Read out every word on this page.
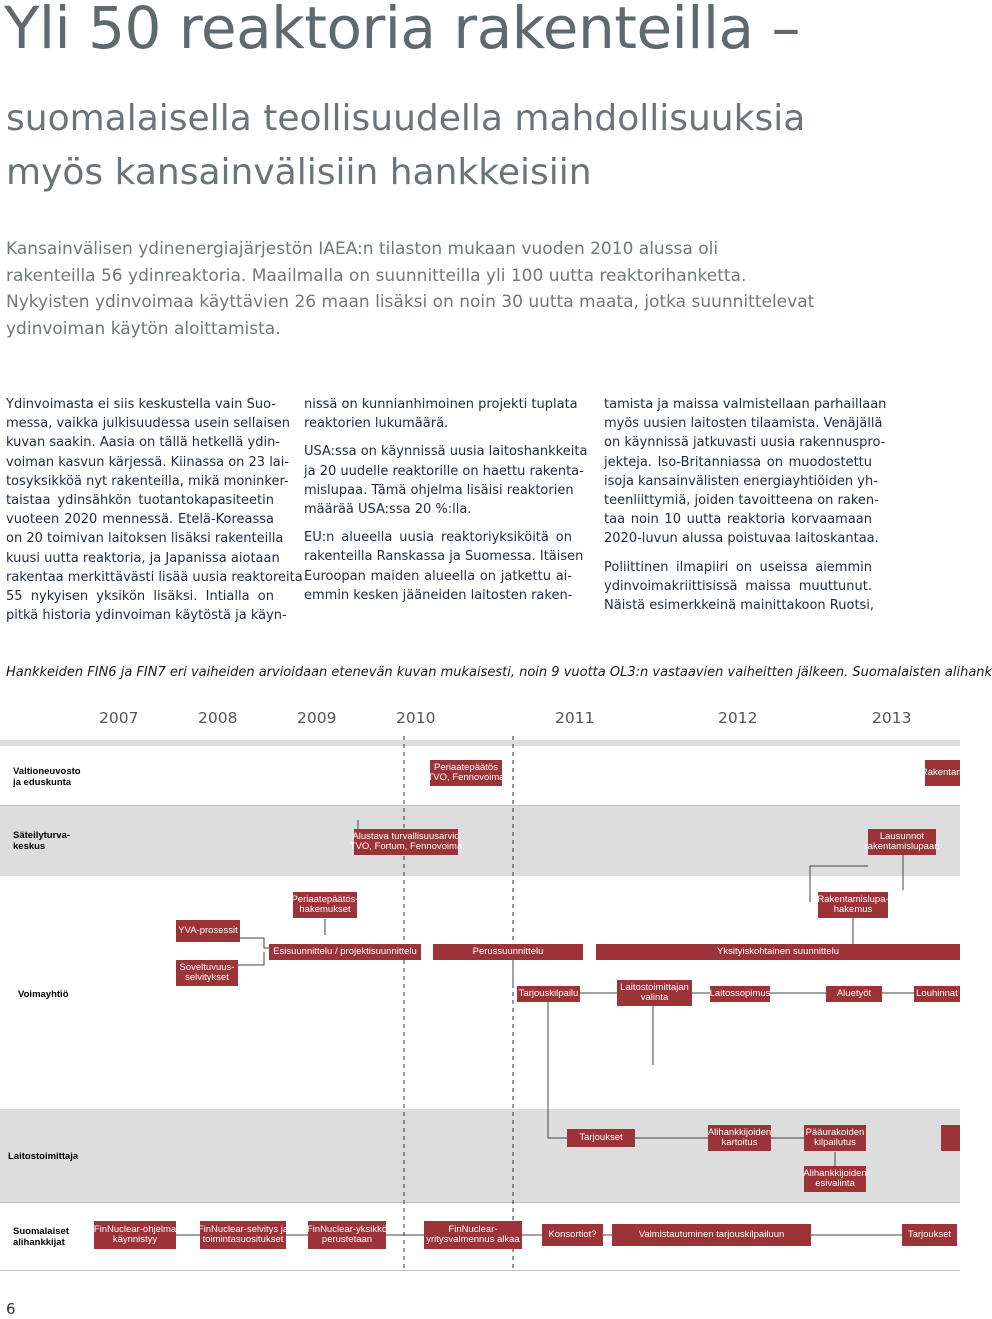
Yli 50 reaktoria rakenteilla –
suomalaisella teollisuudella mahdollisuuksia
myös kansainvälisiin hankkeisiin

Kansainvälisen ydinenergiajärjestön IAEA:n tilaston mukaan vuoden 2010 alussa oli
rakenteilla 56 ydinreaktoria. Maailmalla on suunnitteilla yli 100 uutta reaktorihanketta.
Nykyisten ydinvoimaa käyttävien 26 maan lisäksi on noin 30 uutta maata, jotka suunnittelevat
ydinvoiman käytön aloittamista.

Ydinvoimasta ei siis keskustella vain Suo-
messa, vaikka julkisuudessa usein sellaisen
kuvan saakin. Aasia on tällä hetkellä ydin-
voiman kasvun kärjessä. Kiinassa on 23 lai-
tosyksikköä nyt rakenteilla, mikä moninker-
taistaa ydinsähkön tuotantokapasiteetin
vuoteen 2020 mennessä. Etelä-Koreassa
on 20 toimivan laitoksen lisäksi rakenteilla
kuusi uutta reaktoria, ja Japanissa aiotaan
rakentaa merkittävästi lisää uusia reaktoreita
55 nykyisen yksikön lisäksi. Intialla on
pitkä historia ydinvoiman käytöstä ja käyn-

nissä on kunnianhimoinen projekti tuplata
reaktorien lukumäärä.

USA:ssa on käynnissä uusia laitoshankkeita
ja 20 uudelle reaktorille on haettu rakenta-
mislupaa. Tämä ohjelma lisäisi reaktorien
määrää USA:ssa 20 %:lla.

EU:n alueella uusia reaktoriyksiköitä on
rakenteilla Ranskassa ja Suomessa. Itäisen
Euroopan maiden alueella on jatkettu ai-
emmin kesken jääneiden laitosten raken-

tamista ja maissa valmistellaan parhaillaan
myös uusien laitosten tilaamista. Venäjällä
on käynnissä jatkuvasti uusia rakennuspro-
jekteja. Iso-Britanniassa on muodostettu
isoja kansainvälisten energiayhtiöiden yh-
teenliittymiä, joiden tavoitteena on raken-
taa noin 10 uutta reaktoria korvaamaan
2020-luvun alussa poistuvaa laitoskantaa.

Poliittinen ilmapiiri on useissa aiemmin
ydinvoimakriittisissä maissa muuttunut.
Näistä esimerkkeinä mainittakoon Ruotsi,

Hankkeiden FIN6 ja FIN7 eri vaiheiden arvioidaan etenevän kuvan mukaisesti, noin 9 vuotta OL3:n vastaavien vaiheitten jälkeen. Suomalaisten alihank

2007	2008	2009	2010	2011	2012	2013
Valtioneuvosto
ja eduskunta
Säteilyturva-
keskus
Voimayhtiö
Laitostoimittaja
Suomalaiset
alihankkijat
Periaatepäätös
TVO, Fennovoima	Rakentam
Alustava turvallisuusarvio
TVO, Fortum, Fennovoima
Lausunnot
rakentamislupaan
Periaatepäätös-
hakemukset
Rakentamislupa-
hakemus
YVA-prosessit
Soveltuvuus-
selvitykset
Esisuunnittelu / projektisuunnittelu	Perussuunnittelu	Yksityiskohtainen suunnittelu
Tarjouskilpailu
Laitostoimittajan
valinta	Laitossopimus	Aluetyöt	Louhinnat
Tarjoukset	Alihankkijoiden
kartoitus
Pääurakoiden
kilpailutus
Alihankkijoiden
esivalinta
FinNuclear-ohjelma
käynnistyy
FinNuclear-selvitys ja
toimintasuositukset
FinNuclear-yksikkö
perustetaan
FinNuclear-
yritysvalmennus alkaa	Konsortiot?	Valmistautuminen tarjouskilpailuun	Tarjoukset
6
